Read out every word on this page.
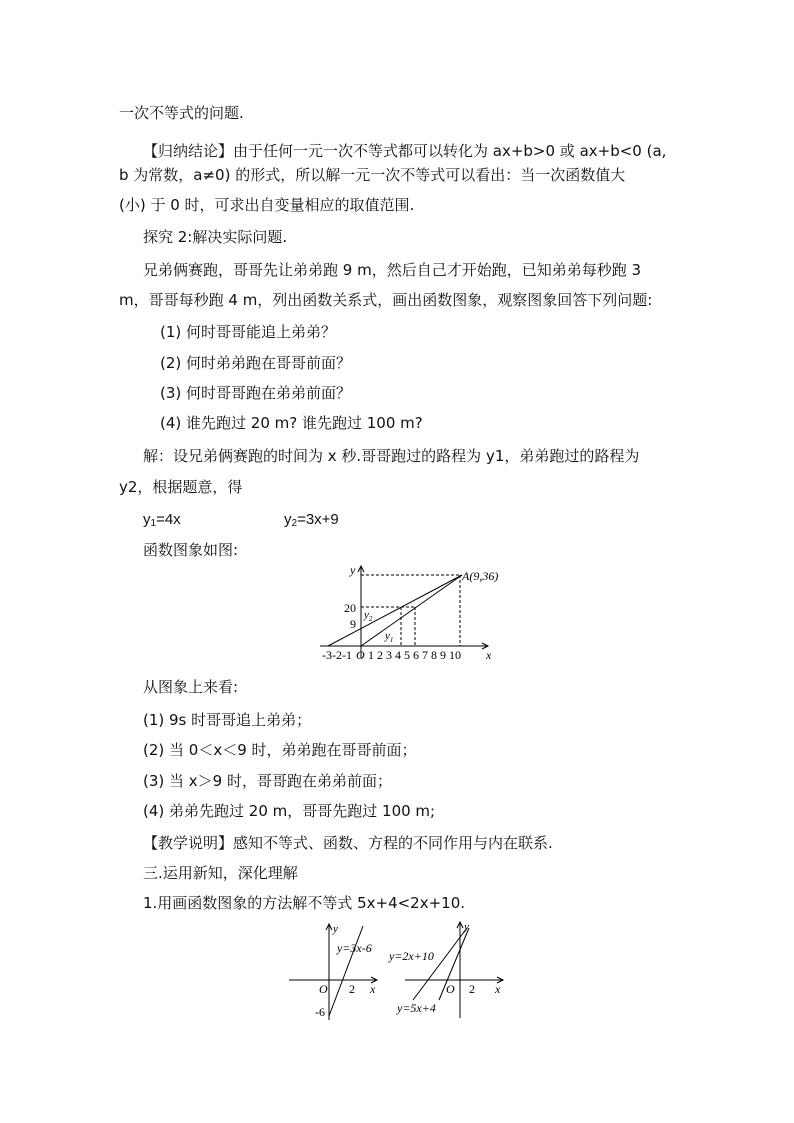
一次不等式的问题.
【归纳结论】由于任何一元一次不等式都可以转化为 ax+b>0 或 ax+b<0 (a,
b 为常数，a≠0) 的形式，所以解一元一次不等式可以看出：当一次函数值大
(小) 于 0 时，可求出自变量相应的取值范围.
探究 2:解决实际问题.
兄弟俩赛跑，哥哥先让弟弟跑 9 m，然后自己才开始跑，已知弟弟每秒跑 3
m，哥哥每秒跑 4 m，列出函数关系式，画出函数图象，观察图象回答下列问题:
(1) 何时哥哥能追上弟弟？
(2) 何时弟弟跑在哥哥前面？
(3) 何时哥哥跑在弟弟前面？
(4) 谁先跑过 20 m? 谁先跑过 100 m?
解：设兄弟俩赛跑的时间为 x 秒.哥哥跑过的路程为 y1，弟弟跑过的路程为
y2，根据题意，得
$y_1=4x$	$y_2=3x+9$
函数图象如图:
y	A(9,36)
20
9
$y_2$
$y_1$
-3-2-1 O 1 2 3 4 5 6 7 8 9 10 x
从图象上来看:
(1) 9s 时哥哥追上弟弟；
(2) 当 0＜x＜9 时，弟弟跑在哥哥前面；
(3) 当 x＞9 时，哥哥跑在弟弟前面；
(4) 弟弟先跑过 20 m，哥哥先跑过 100 m;
【教学说明】感知不等式、函数、方程的不同作用与内在联系.
三.运用新知，深化理解
1.用画函数图象的方法解不等式 5x+4<2x+10.
y
y=3x-6
O 2 x
-6
y
y=2x+10
O 2 x
y=5x+4
